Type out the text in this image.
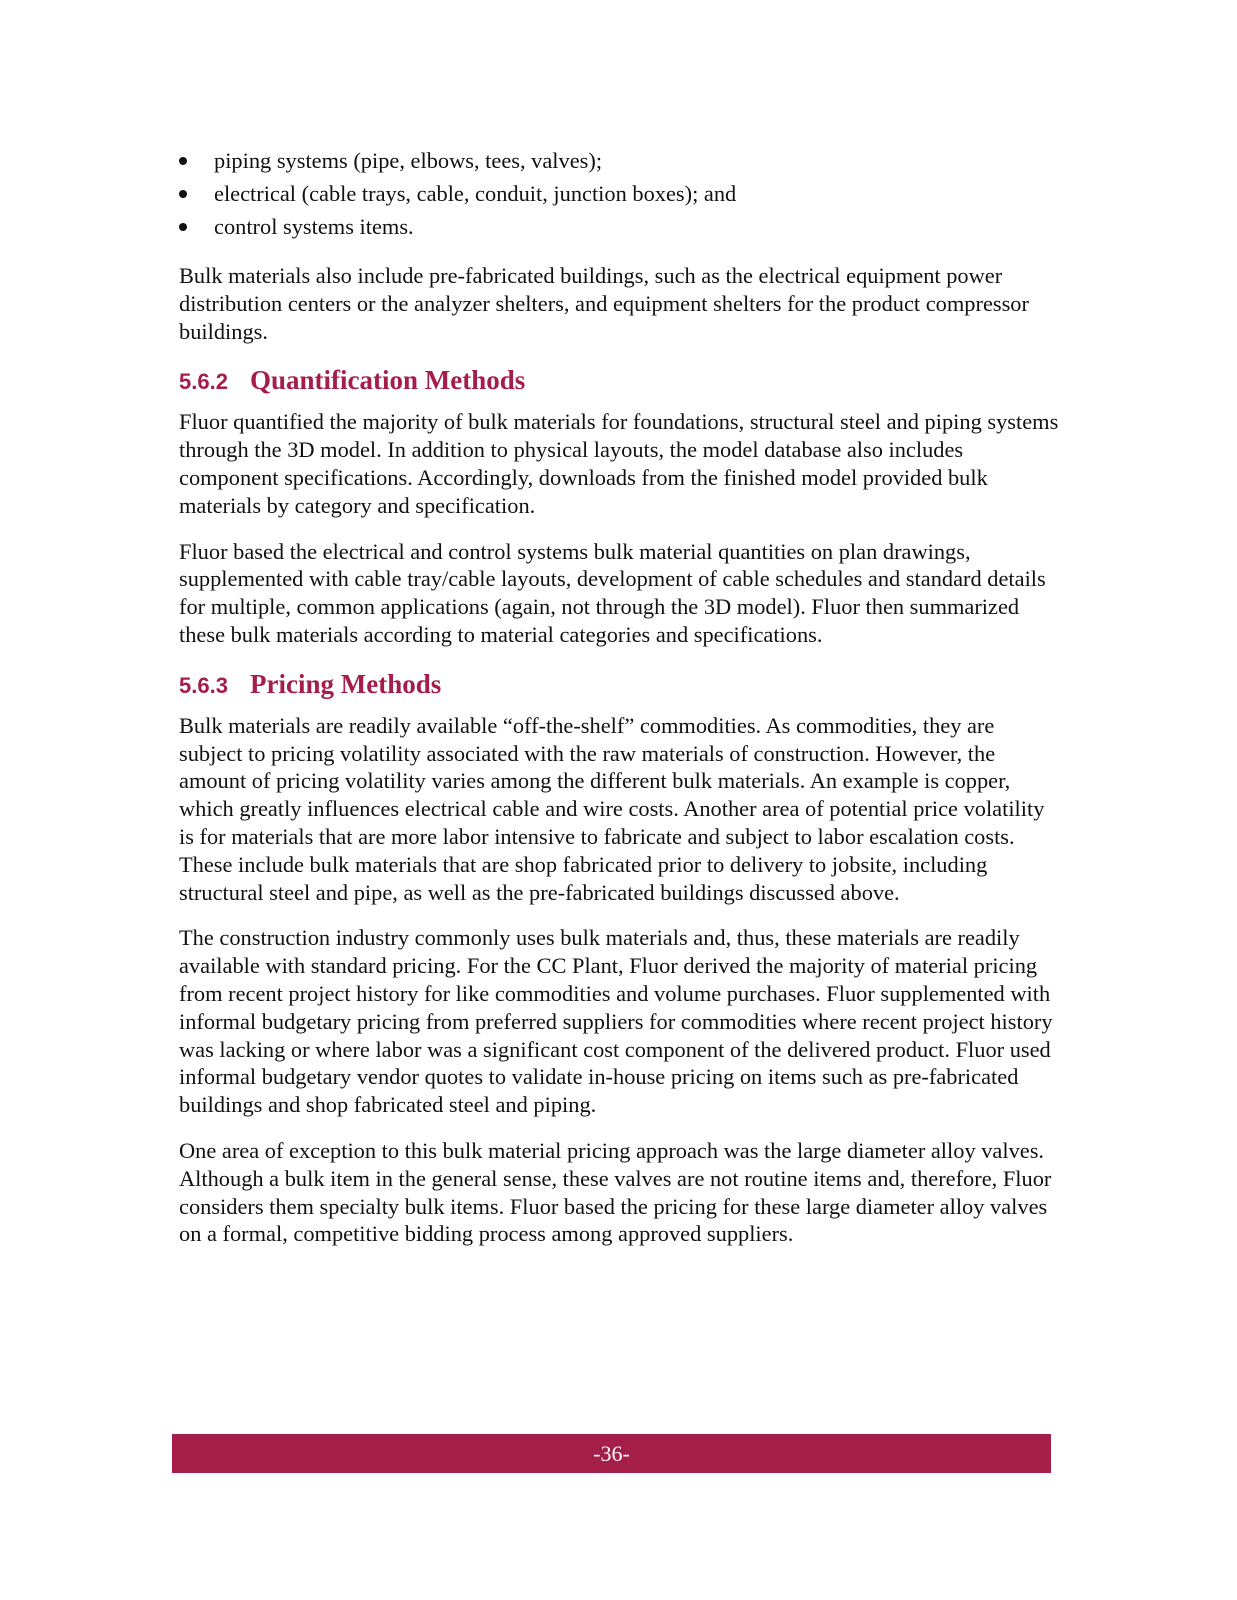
piping systems (pipe, elbows, tees, valves);
electrical (cable trays, cable, conduit, junction boxes); and
control systems items.

Bulk materials also include pre-fabricated buildings, such as the electrical equipment power distribution centers or the analyzer shelters, and equipment shelters for the product compressor buildings.

5.6.2 Quantification Methods

Fluor quantified the majority of bulk materials for foundations, structural steel and piping systems through the 3D model. In addition to physical layouts, the model database also includes component specifications. Accordingly, downloads from the finished model provided bulk materials by category and specification.

Fluor based the electrical and control systems bulk material quantities on plan drawings, supplemented with cable tray/cable layouts, development of cable schedules and standard details for multiple, common applications (again, not through the 3D model). Fluor then summarized these bulk materials according to material categories and specifications.

5.6.3 Pricing Methods

Bulk materials are readily available “off-the-shelf” commodities. As commodities, they are subject to pricing volatility associated with the raw materials of construction. However, the amount of pricing volatility varies among the different bulk materials. An example is copper, which greatly influences electrical cable and wire costs. Another area of potential price volatility is for materials that are more labor intensive to fabricate and subject to labor escalation costs. These include bulk materials that are shop fabricated prior to delivery to jobsite, including structural steel and pipe, as well as the pre-fabricated buildings discussed above.

The construction industry commonly uses bulk materials and, thus, these materials are readily available with standard pricing. For the CC Plant, Fluor derived the majority of material pricing from recent project history for like commodities and volume purchases. Fluor supplemented with informal budgetary pricing from preferred suppliers for commodities where recent project history was lacking or where labor was a significant cost component of the delivered product. Fluor used informal budgetary vendor quotes to validate in-house pricing on items such as pre-fabricated buildings and shop fabricated steel and piping.

One area of exception to this bulk material pricing approach was the large diameter alloy valves. Although a bulk item in the general sense, these valves are not routine items and, therefore, Fluor considers them specialty bulk items. Fluor based the pricing for these large diameter alloy valves on a formal, competitive bidding process among approved suppliers.

-36-
